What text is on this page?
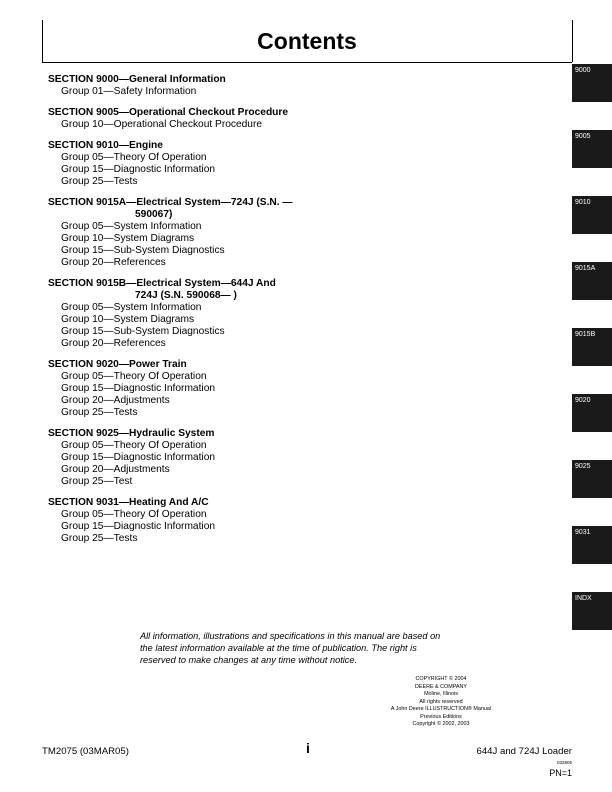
Contents
SECTION 9000—General Information
Group 01—Safety Information
SECTION 9005—Operational Checkout Procedure
Group 10—Operational Checkout Procedure
SECTION 9010—Engine
Group 05—Theory Of Operation
Group 15—Diagnostic Information
Group 25—Tests
SECTION 9015A—Electrical System—724J (S.N. —
590067)
Group 05—System Information
Group 10—System Diagrams
Group 15—Sub-System Diagnostics
Group 20—References
SECTION 9015B—Electrical System—644J And
724J (S.N. 590068— )
Group 05—System Information
Group 10—System Diagrams
Group 15—Sub-System Diagnostics
Group 20—References
SECTION 9020—Power Train
Group 05—Theory Of Operation
Group 15—Diagnostic Information
Group 20—Adjustments
Group 25—Tests
SECTION 9025—Hydraulic System
Group 05—Theory Of Operation
Group 15—Diagnostic Information
Group 20—Adjustments
Group 25—Test
SECTION 9031—Heating And A/C
Group 05—Theory Of Operation
Group 15—Diagnostic Information
Group 25—Tests
9000
9005
9010
9015A
9015B
9020
9025
9031
INDX
All information, illustrations and specifications in this manual are based on
the latest information available at the time of publication. The right is
reserved to make changes at any time without notice.
COPYRIGHT © 2004
DEERE & COMPANY
Moline, Illinois
All rights reserved
A John Deere ILLUSTRUCTION® Manual
Previous Editions
Copyright © 2002, 2003
TM2075 (03MAR05)	i	644J and 724J Loader
032805
PN=1
